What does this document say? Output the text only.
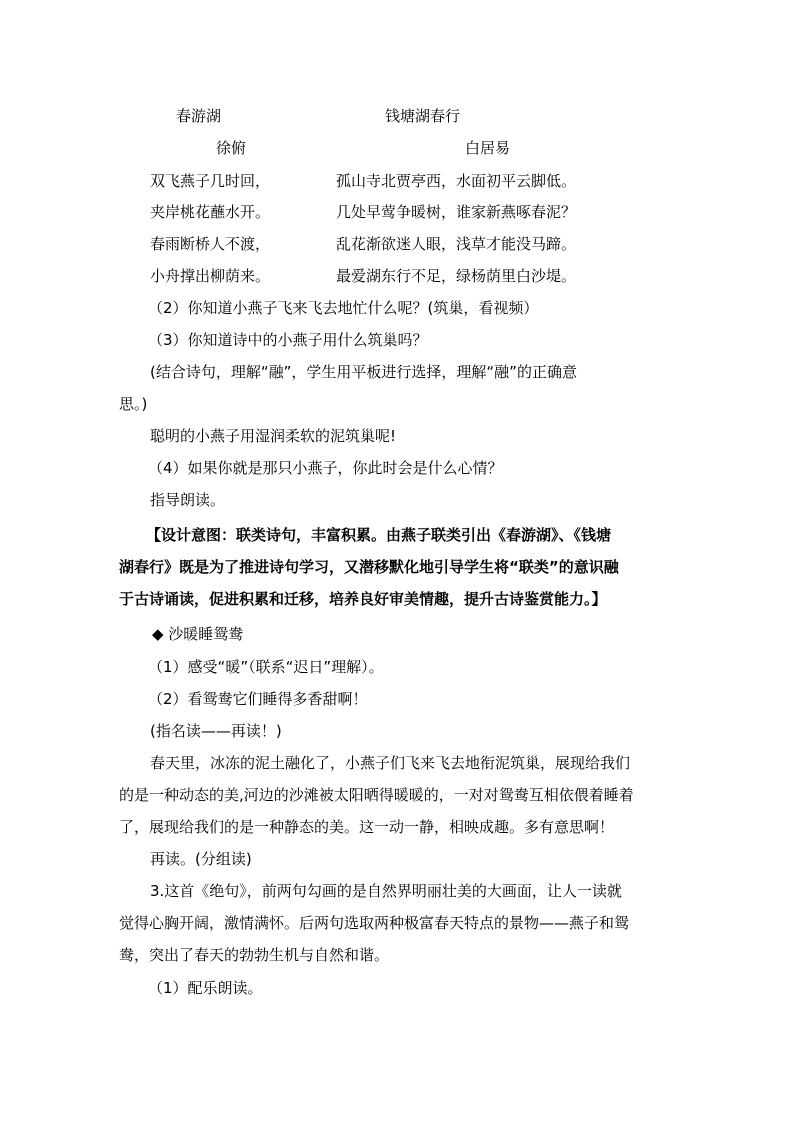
春游湖	钱塘湖春行
徐俯	白居易
双飞燕子几时回，
夹岸桃花蘸水开。
春雨断桥人不渡，
小舟撑出柳荫来。
孤山寺北贾亭西，水面初平云脚低。
几处早莺争暖树，谁家新燕啄春泥？
乱花渐欲迷人眼，浅草才能没马蹄。
最爱湖东行不足，绿杨荫里白沙堤。
（2）你知道小燕子飞来飞去地忙什么呢？(筑巢，看视频）
（3）你知道诗中的小燕子用什么筑巢吗？
(结合诗句，理解“融”，学生用平板进行选择，理解“融”的正确意
思。)
聪明的小燕子用湿润柔软的泥筑巢呢!
（4）如果你就是那只小燕子，你此时会是什么心情？
指导朗读。
【设计意图：联类诗句，丰富积累。由燕子联类引出《春游湖》、《钱塘
湖春行》既是为了推进诗句学习，又潜移默化地引导学生将“联类”的意识融
于古诗诵读，促进积累和迁移，培养良好审美情趣，提升古诗鉴赏能力。】
◆ 沙暖睡鸳鸯
（1）感受“暖”（联系“迟日”理解）。
（2）看鸳鸯它们睡得多香甜啊！
(指名读——再读！)
春天里，冰冻的泥土融化了，小燕子们飞来飞去地衔泥筑巢，展现给我们
的是一种动态的美,河边的沙滩被太阳晒得暖暖的，一对对鸳鸯互相依偎着睡着
了，展现给我们的是一种静态的美。这一动一静，相映成趣。多有意思啊！
再读。(分组读)
3.这首《绝句》，前两句勾画的是自然界明丽壮美的大画面，让人一读就
觉得心胸开阔，激情满怀。后两句选取两种极富春天特点的景物——燕子和鸳
鸯，突出了春天的勃勃生机与自然和谐。
（1）配乐朗读。
